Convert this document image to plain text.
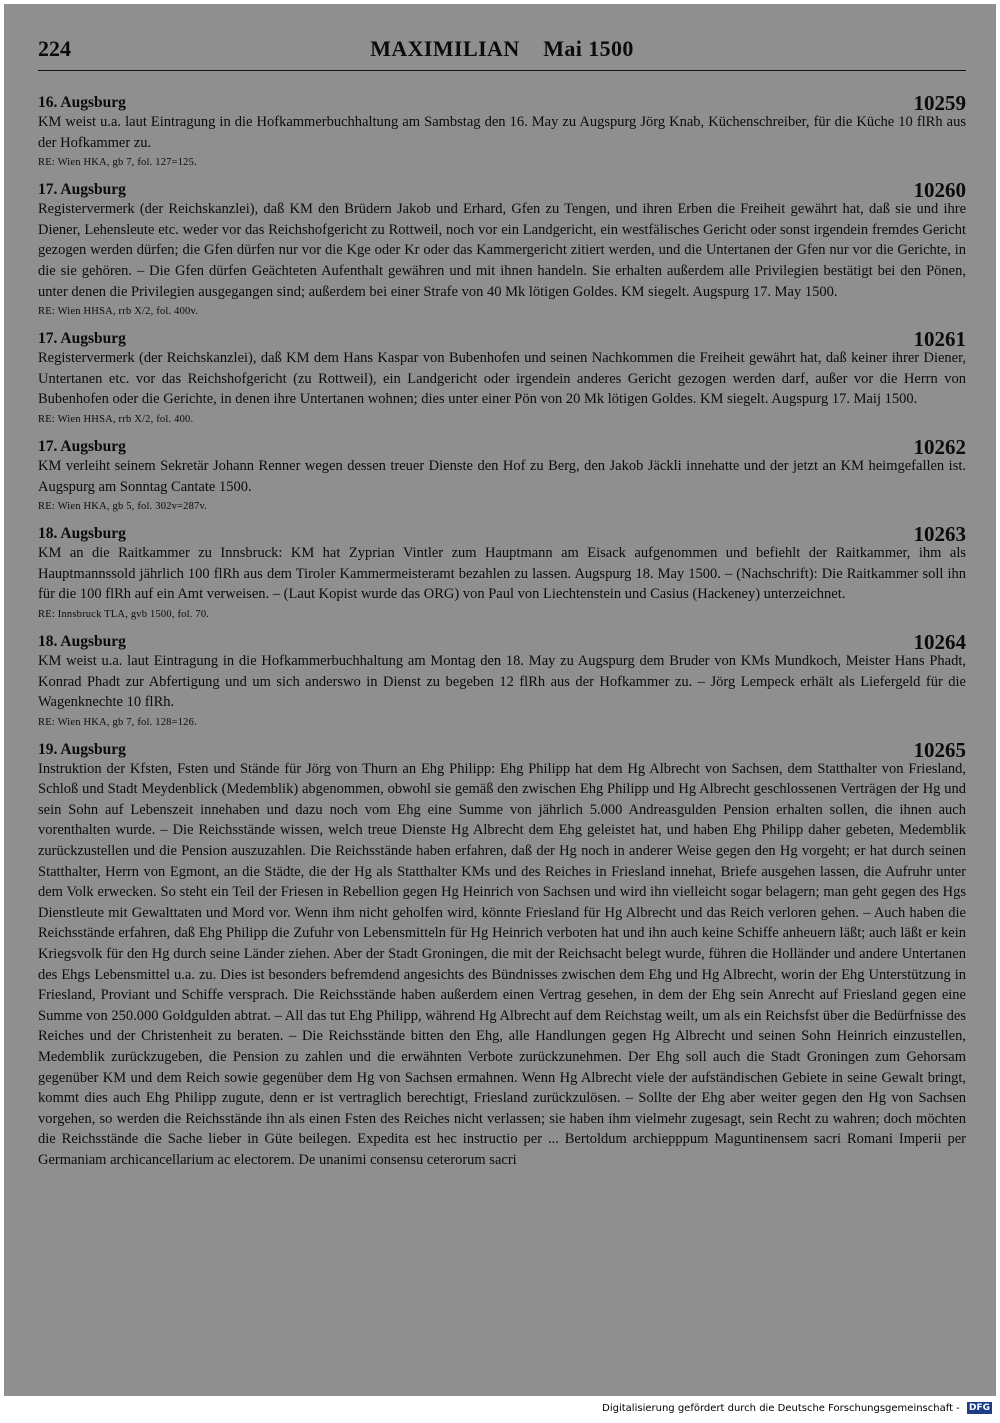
224	MAXIMILIAN    Mai 1500
16. Augsburg	10259

KM weist u.a. laut Eintragung in die Hofkammerbuchhaltung am Sambstag den 16. May zu Augspurg Jörg Knab, Küchenschreiber, für die Küche 10 flRh aus der Hofkammer zu.

RE: Wien HKA, gb 7, fol. 127=125.
17. Augsburg	10260

Registervermerk (der Reichskanzlei), daß KM den Brüdern Jakob und Erhard, Gfen zu Tengen, und ihren Erben die Freiheit gewährt hat, daß sie und ihre Diener, Lehensleute etc. weder vor das Reichshofgericht zu Rottweil, noch vor ein Landgericht, ein westfälisches Gericht oder sonst irgendein fremdes Gericht gezogen werden dürfen; die Gfen dürfen nur vor die Kge oder Kr oder das Kammergericht zitiert werden, und die Untertanen der Gfen nur vor die Gerichte, in die sie gehören. – Die Gfen dürfen Geächteten Aufenthalt gewähren und mit ihnen handeln. Sie erhalten außerdem alle Privilegien bestätigt bei den Pönen, unter denen die Privilegien ausgegangen sind; außerdem bei einer Strafe von 40 Mk lötigen Goldes. KM siegelt. Augspurg 17. May 1500.

RE: Wien HHSA, rrb X/2, fol. 400v.
17. Augsburg	10261

Registervermerk (der Reichskanzlei), daß KM dem Hans Kaspar von Bubenhofen und seinen Nachkommen die Freiheit gewährt hat, daß keiner ihrer Diener, Untertanen etc. vor das Reichshofgericht (zu Rottweil), ein Landgericht oder irgendein anderes Gericht gezogen werden darf, außer vor die Herrn von Bubenhofen oder die Gerichte, in denen ihre Untertanen wohnen; dies unter einer Pön von 20 Mk lötigen Goldes. KM siegelt. Augspurg 17. Maij 1500.

RE: Wien HHSA, rrb X/2, fol. 400.
17. Augsburg	10262

KM verleiht seinem Sekretär Johann Renner wegen dessen treuer Dienste den Hof zu Berg, den Jakob Jäckli innehatte und der jetzt an KM heimgefallen ist. Augspurg am Sonntag Cantate 1500.

RE: Wien HKA, gb 5, fol. 302v=287v.
18. Augsburg	10263

KM an die Raitkammer zu Innsbruck: KM hat Zyprian Vintler zum Hauptmann am Eisack aufgenommen und befiehlt der Raitkammer, ihm als Hauptmannssold jährlich 100 flRh aus dem Tiroler Kammermeisteramt bezahlen zu lassen. Augspurg 18. May 1500. – (Nachschrift): Die Raitkammer soll ihn für die 100 flRh auf ein Amt verweisen. – (Laut Kopist wurde das ORG) von Paul von Liechtenstein und Casius (Hackeney) unterzeichnet.

RE: Innsbruck TLA, gvb 1500, fol. 70.
18. Augsburg	10264

KM weist u.a. laut Eintragung in die Hofkammerbuchhaltung am Montag den 18. May zu Augspurg dem Bruder von KMs Mundkoch, Meister Hans Phadt, Konrad Phadt zur Abfertigung und um sich anderswo in Dienst zu begeben 12 flRh aus der Hofkammer zu. – Jörg Lempeck erhält als Liefergeld für die Wagenknechte 10 flRh.

RE: Wien HKA, gb 7, fol. 128=126.
19. Augsburg	10265

Instruktion der Kfsten, Fsten und Stände für Jörg von Thurn an Ehg Philipp: Ehg Philipp hat dem Hg Albrecht von Sachsen, dem Statthalter von Friesland, Schloß und Stadt Meydenblick (Medemblik) abgenommen, obwohl sie gemäß den zwischen Ehg Philipp und Hg Albrecht geschlossenen Verträgen der Hg und sein Sohn auf Lebenszeit innehaben und dazu noch vom Ehg eine Summe von jährlich 5.000 Andreasgulden Pension erhalten sollen, die ihnen auch vorenthalten wurde. – Die Reichsstände wissen, welch treue Dienste Hg Albrecht dem Ehg geleistet hat, und haben Ehg Philipp daher gebeten, Medemblik zurückzustellen und die Pension auszuzahlen. Die Reichsstände haben erfahren, daß der Hg noch in anderer Weise gegen den Hg vorgeht; er hat durch seinen Statthalter, Herrn von Egmont, an die Städte, die der Hg als Statthalter KMs und des Reiches in Friesland innehat, Briefe ausgehen lassen, die Aufruhr unter dem Volk erwecken. So steht ein Teil der Friesen in Rebellion gegen Hg Heinrich von Sachsen und wird ihn vielleicht sogar belagern; man geht gegen des Hgs Dienstleute mit Gewalttaten und Mord vor. Wenn ihm nicht geholfen wird, könnte Friesland für Hg Albrecht und das Reich verloren gehen. – Auch haben die Reichsstände erfahren, daß Ehg Philipp die Zufuhr von Lebensmitteln für Hg Heinrich verboten hat und ihn auch keine Schiffe anheuern läßt; auch läßt er kein Kriegsvolk für den Hg durch seine Länder ziehen. Aber der Stadt Groningen, die mit der Reichsacht belegt wurde, führen die Holländer und andere Untertanen des Ehgs Lebensmittel u.a. zu. Dies ist besonders befremdend angesichts des Bündnisses zwischen dem Ehg und Hg Albrecht, worin der Ehg Unterstützung in Friesland, Proviant und Schiffe versprach. Die Reichsstände haben außerdem einen Vertrag gesehen, in dem der Ehg sein Anrecht auf Friesland gegen eine Summe von 250.000 Goldgulden abtrat. – All das tut Ehg Philipp, während Hg Albrecht auf dem Reichstag weilt, um als ein Reichsfst über die Bedürfnisse des Reiches und der Christenheit zu beraten. – Die Reichsstände bitten den Ehg, alle Handlungen gegen Hg Albrecht und seinen Sohn Heinrich einzustellen, Medemblik zurückzugeben, die Pension zu zahlen und die erwähnten Verbote zurückzunehmen. Der Ehg soll auch die Stadt Groningen zum Gehorsam gegenüber KM und dem Reich sowie gegenüber dem Hg von Sachsen ermahnen. Wenn Hg Albrecht viele der aufständischen Gebiete in seine Gewalt bringt, kommt dies auch Ehg Philipp zugute, denn er ist vertraglich berechtigt, Friesland zurückzulösen. – Sollte der Ehg aber weiter gegen den Hg von Sachsen vorgehen, so werden die Reichsstände ihn als einen Fsten des Reiches nicht verlassen; sie haben ihm vielmehr zugesagt, sein Recht zu wahren; doch möchten die Reichsstände die Sache lieber in Güte beilegen. Expedita est hec instructio per ... Bertoldum archiepppum Maguntinensem sacri Romani Imperii per Germaniam archicancellarium ac electorem. De unanimi consensu ceterorum sacri

Digitalisierung gefördert durch die Deutsche Forschungsgemeinschaft - DFG
